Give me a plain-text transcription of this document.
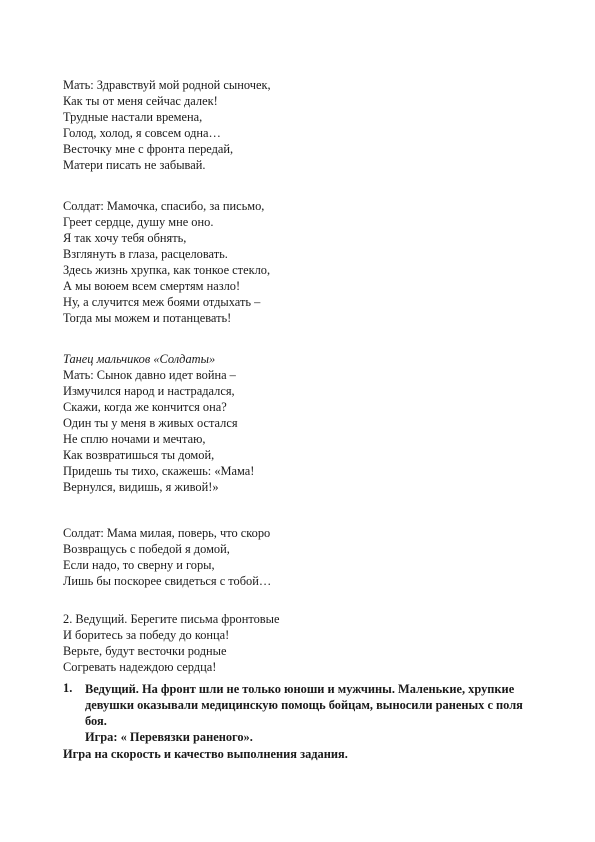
Мать: Здравствуй мой родной сыночек,
Как ты от меня сейчас далек!
Трудные настали времена,
Голод, холод, я совсем одна…
Весточку мне с фронта передай,
Матери писать не забывай.
Солдат: Мамочка, спасибо, за письмо,
Греет сердце, душу мне оно.
Я так хочу тебя обнять,
Взглянуть в глаза, расцеловать.
Здесь жизнь хрупка, как тонкое стекло,
А мы воюем всем смертям назло!
Ну, а случится меж боями отдыхать –
Тогда мы можем и потанцевать!
Танец мальчиков «Солдаты»
Мать: Сынок давно идет война –
Измучился народ и настрадался,
Скажи, когда же кончится она?
Один ты у меня в живых остался
Не сплю ночами и мечтаю,
Как возвратишься ты домой,
Придешь ты тихо, скажешь: «Мама!
Вернулся, видишь, я живой!»
Солдат: Мама милая, поверь, что скоро
Возвращусь с победой я домой,
Если надо, то сверну и горы,
Лишь бы поскорее свидеться с тобой…
2. Ведущий. Берегите письма фронтовые
И боритесь за победу до конца!
Верьте, будут весточки родные
Согревать надеждою сердца!
1.	Ведущий. На фронт шли не только юноши и мужчины. Маленькие, хрупкие
девушки оказывали медицинскую помощь бойцам, выносили раненых с поля
боя.
Игра: « Перевязки раненого».
Игра на скорость и качество выполнения задания.
